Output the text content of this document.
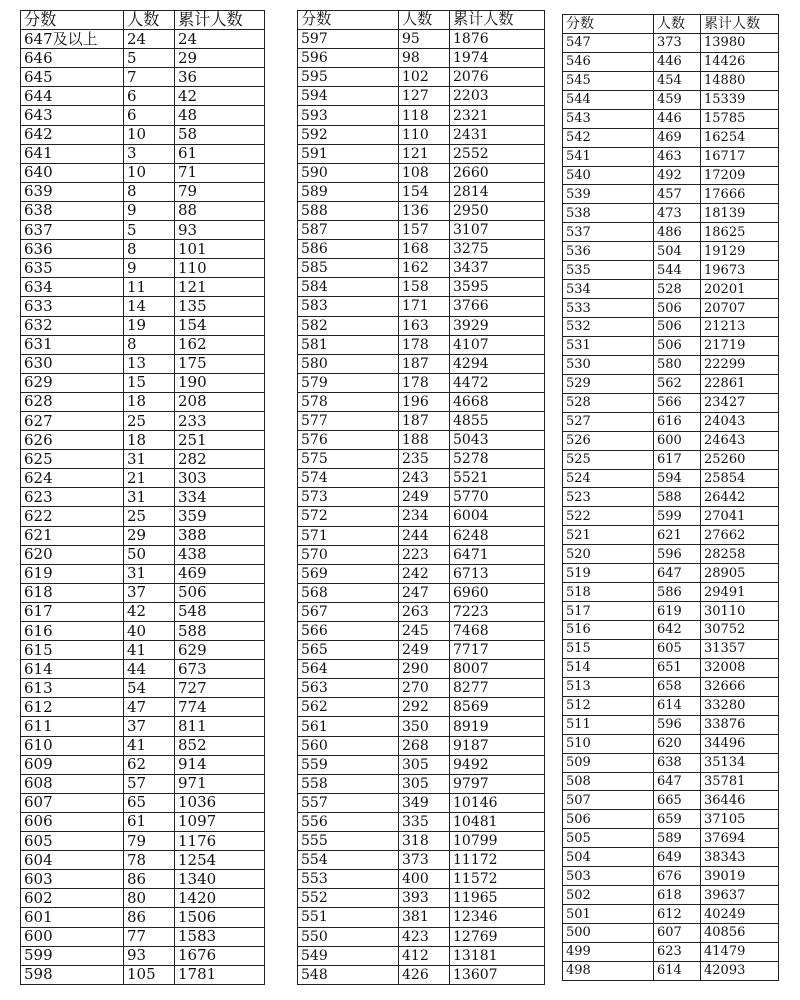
分数	人数	累计人数
647及以上	24	24
646	5	29
645	7	36
644	6	42
643	6	48
642	10	58
641	3	61
640	10	71
639	8	79
638	9	88
637	5	93
636	8	101
635	9	110
634	11	121
633	14	135
632	19	154
631	8	162
630	13	175
629	15	190
628	18	208
627	25	233
626	18	251
625	31	282
624	21	303
623	31	334
622	25	359
621	29	388
620	50	438
619	31	469
618	37	506
617	42	548
616	40	588
615	41	629
614	44	673
613	54	727
612	47	774
611	37	811
610	41	852
609	62	914
608	57	971
607	65	1036
606	61	1097
605	79	1176
604	78	1254
603	86	1340
602	80	1420
601	86	1506
600	77	1583
599	93	1676
598	105	1781
分数	人数	累计人数
597	95	1876
596	98	1974
595	102	2076
594	127	2203
593	118	2321
592	110	2431
591	121	2552
590	108	2660
589	154	2814
588	136	2950
587	157	3107
586	168	3275
585	162	3437
584	158	3595
583	171	3766
582	163	3929
581	178	4107
580	187	4294
579	178	4472
578	196	4668
577	187	4855
576	188	5043
575	235	5278
574	243	5521
573	249	5770
572	234	6004
571	244	6248
570	223	6471
569	242	6713
568	247	6960
567	263	7223
566	245	7468
565	249	7717
564	290	8007
563	270	8277
562	292	8569
561	350	8919
560	268	9187
559	305	9492
558	305	9797
557	349	10146
556	335	10481
555	318	10799
554	373	11172
553	400	11572
552	393	11965
551	381	12346
550	423	12769
549	412	13181
548	426	13607
分数	人数	累计人数
547	373	13980
546	446	14426
545	454	14880
544	459	15339
543	446	15785
542	469	16254
541	463	16717
540	492	17209
539	457	17666
538	473	18139
537	486	18625
536	504	19129
535	544	19673
534	528	20201
533	506	20707
532	506	21213
531	506	21719
530	580	22299
529	562	22861
528	566	23427
527	616	24043
526	600	24643
525	617	25260
524	594	25854
523	588	26442
522	599	27041
521	621	27662
520	596	28258
519	647	28905
518	586	29491
517	619	30110
516	642	30752
515	605	31357
514	651	32008
513	658	32666
512	614	33280
511	596	33876
510	620	34496
509	638	35134
508	647	35781
507	665	36446
506	659	37105
505	589	37694
504	649	38343
503	676	39019
502	618	39637
501	612	40249
500	607	40856
499	623	41479
498	614	42093
